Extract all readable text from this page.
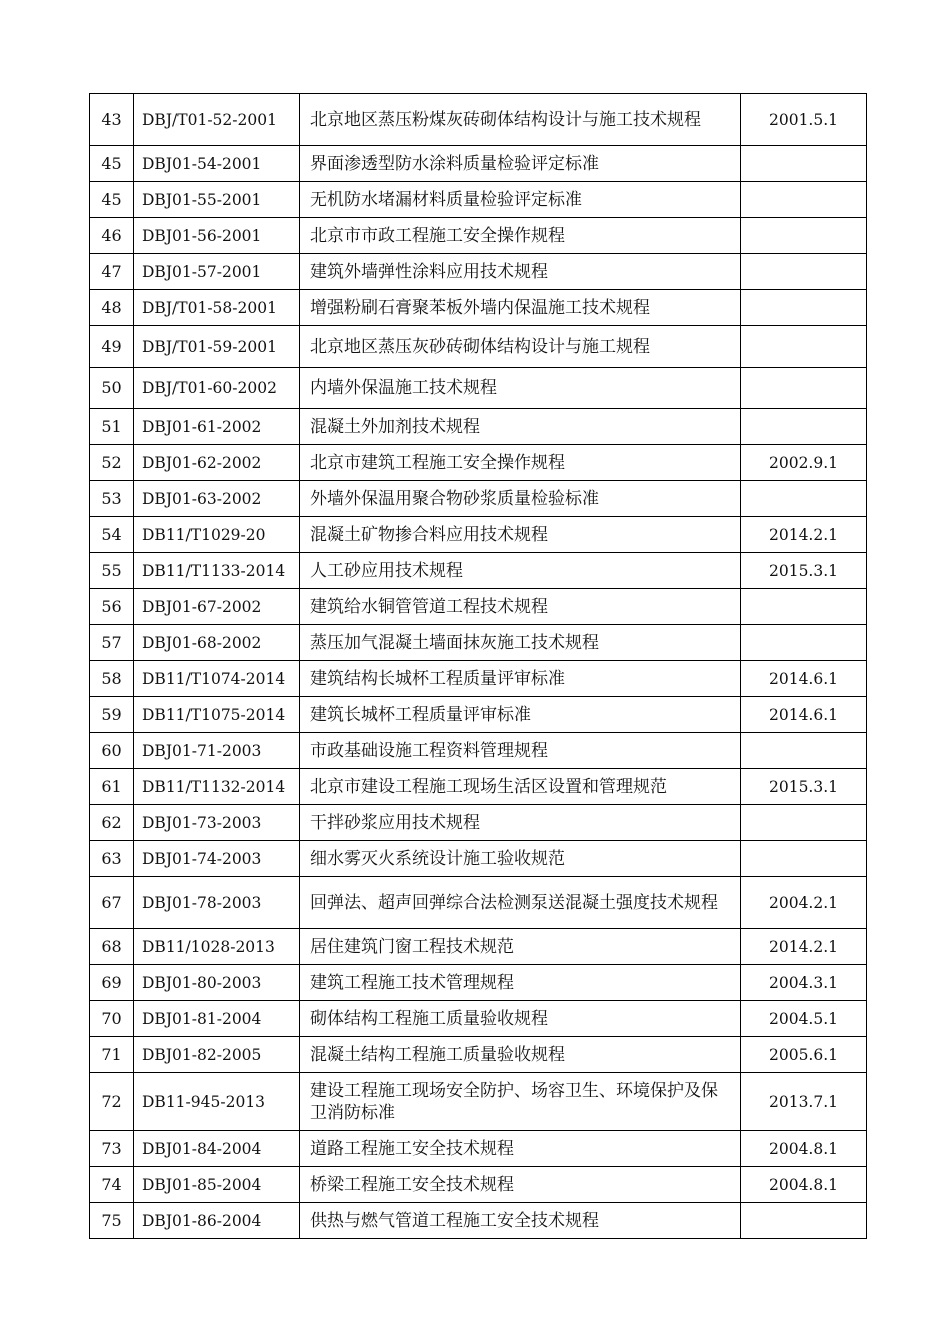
43	DBJ/T01-52-2001	北京地区蒸压粉煤灰砖砌体结构设计与施工技术规程	2001.5.1
45	DBJ01-54-2001	界面渗透型防水涂料质量检验评定标准	
45	DBJ01-55-2001	无机防水堵漏材料质量检验评定标准	
46	DBJ01-56-2001	北京市市政工程施工安全操作规程	
47	DBJ01-57-2001	建筑外墙弹性涂料应用技术规程	
48	DBJ/T01-58-2001	增强粉刷石膏聚苯板外墙内保温施工技术规程	
49	DBJ/T01-59-2001	北京地区蒸压灰砂砖砌体结构设计与施工规程	
50	DBJ/T01-60-2002	内墙外保温施工技术规程	
51	DBJ01-61-2002	混凝土外加剂技术规程	
52	DBJ01-62-2002	北京市建筑工程施工安全操作规程	2002.9.1
53	DBJ01-63-2002	外墙外保温用聚合物砂浆质量检验标准	
54	DB11/T1029-20	混凝土矿物掺合料应用技术规程	2014.2.1
55	DB11/T1133-2014	人工砂应用技术规程	2015.3.1
56	DBJ01-67-2002	建筑给水铜管管道工程技术规程	
57	DBJ01-68-2002	蒸压加气混凝土墙面抹灰施工技术规程	
58	DB11/T1074-2014	建筑结构长城杯工程质量评审标准	2014.6.1
59	DB11/T1075-2014	建筑长城杯工程质量评审标准	2014.6.1
60	DBJ01-71-2003	市政基础设施工程资料管理规程	
61	DB11/T1132-2014	北京市建设工程施工现场生活区设置和管理规范	2015.3.1
62	DBJ01-73-2003	干拌砂浆应用技术规程	
63	DBJ01-74-2003	细水雾灭火系统设计施工验收规范	
67	DBJ01-78-2003	回弹法、超声回弹综合法检测泵送混凝土强度技术规程	2004.2.1
68	DB11/1028-2013	居住建筑门窗工程技术规范	2014.2.1
69	DBJ01-80-2003	建筑工程施工技术管理规程	2004.3.1
70	DBJ01-81-2004	砌体结构工程施工质量验收规程	2004.5.1
71	DBJ01-82-2005	混凝土结构工程施工质量验收规程	2005.6.1
72	DB11-945-2013	建设工程施工现场安全防护、场容卫生、环境保护及保卫消防标准	2013.7.1
73	DBJ01-84-2004	道路工程施工安全技术规程	2004.8.1
74	DBJ01-85-2004	桥梁工程施工安全技术规程	2004.8.1
75	DBJ01-86-2004	供热与燃气管道工程施工安全技术规程	
